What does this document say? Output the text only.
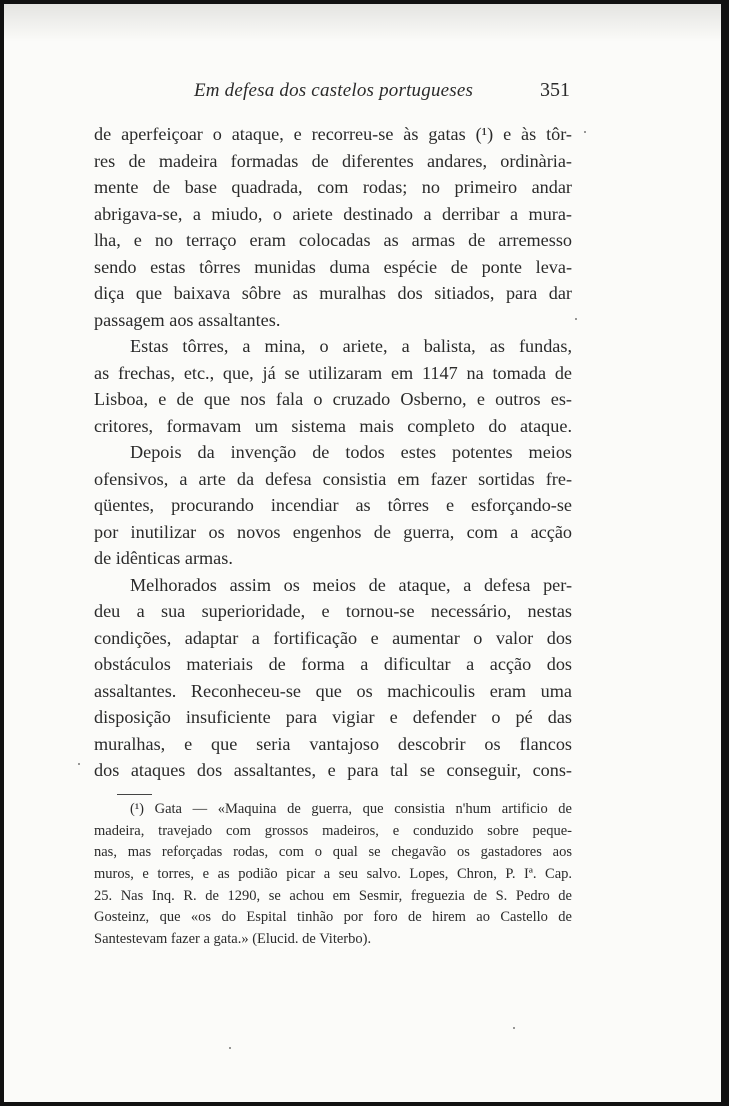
Em defesa dos castelos portugueses	351
de aperfeiçoar o ataque, e recorreu-se às gatas (¹) e às tôr-
res de madeira formadas de diferentes andares, ordinària-
mente de base quadrada, com rodas; no primeiro andar
abrigava-se, a miudo, o ariete destinado a derribar a mura-
lha, e no terraço eram colocadas as armas de arremesso
sendo estas tôrres munidas duma espécie de ponte leva-
diça que baixava sôbre as muralhas dos sitiados, para dar
passagem aos assaltantes.
Estas tôrres, a mina, o ariete, a balista, as fundas,
as frechas, etc., que, já se utilizaram em 1147 na tomada de
Lisboa, e de que nos fala o cruzado Osberno, e outros es-
critores, formavam um sistema mais completo do ataque.
Depois da invenção de todos estes potentes meios
ofensivos, a arte da defesa consistia em fazer sortidas fre-
qüentes, procurando incendiar as tôrres e esforçando-se
por inutilizar os novos engenhos de guerra, com a acção
de idênticas armas.
Melhorados assim os meios de ataque, a defesa per-
deu a sua superioridade, e tornou-se necessário, nestas
condições, adaptar a fortificação e aumentar o valor dos
obstáculos materiais de forma a dificultar a acção dos
assaltantes. Reconheceu-se que os machicoulis eram uma
disposição insuficiente para vigiar e defender o pé das
muralhas, e que seria vantajoso descobrir os flancos
dos ataques dos assaltantes, e para tal se conseguir, cons-
(¹) Gata — «Maquina de guerra, que consistia n'hum artificio de
madeira, travejado com grossos madeiros, e conduzido sobre peque-
nas, mas reforçadas rodas, com o qual se chegavão os gastadores aos
muros, e torres, e as podião picar a seu salvo. Lopes, Chron, P. Iª. Cap.
25. Nas Inq. R. de 1290, se achou em Sesmir, freguezia de S. Pedro de
Gosteinz, que «os do Espital tinhão por foro de hirem ao Castello de
Santestevam fazer a gata.» (Elucid. de Viterbo).
